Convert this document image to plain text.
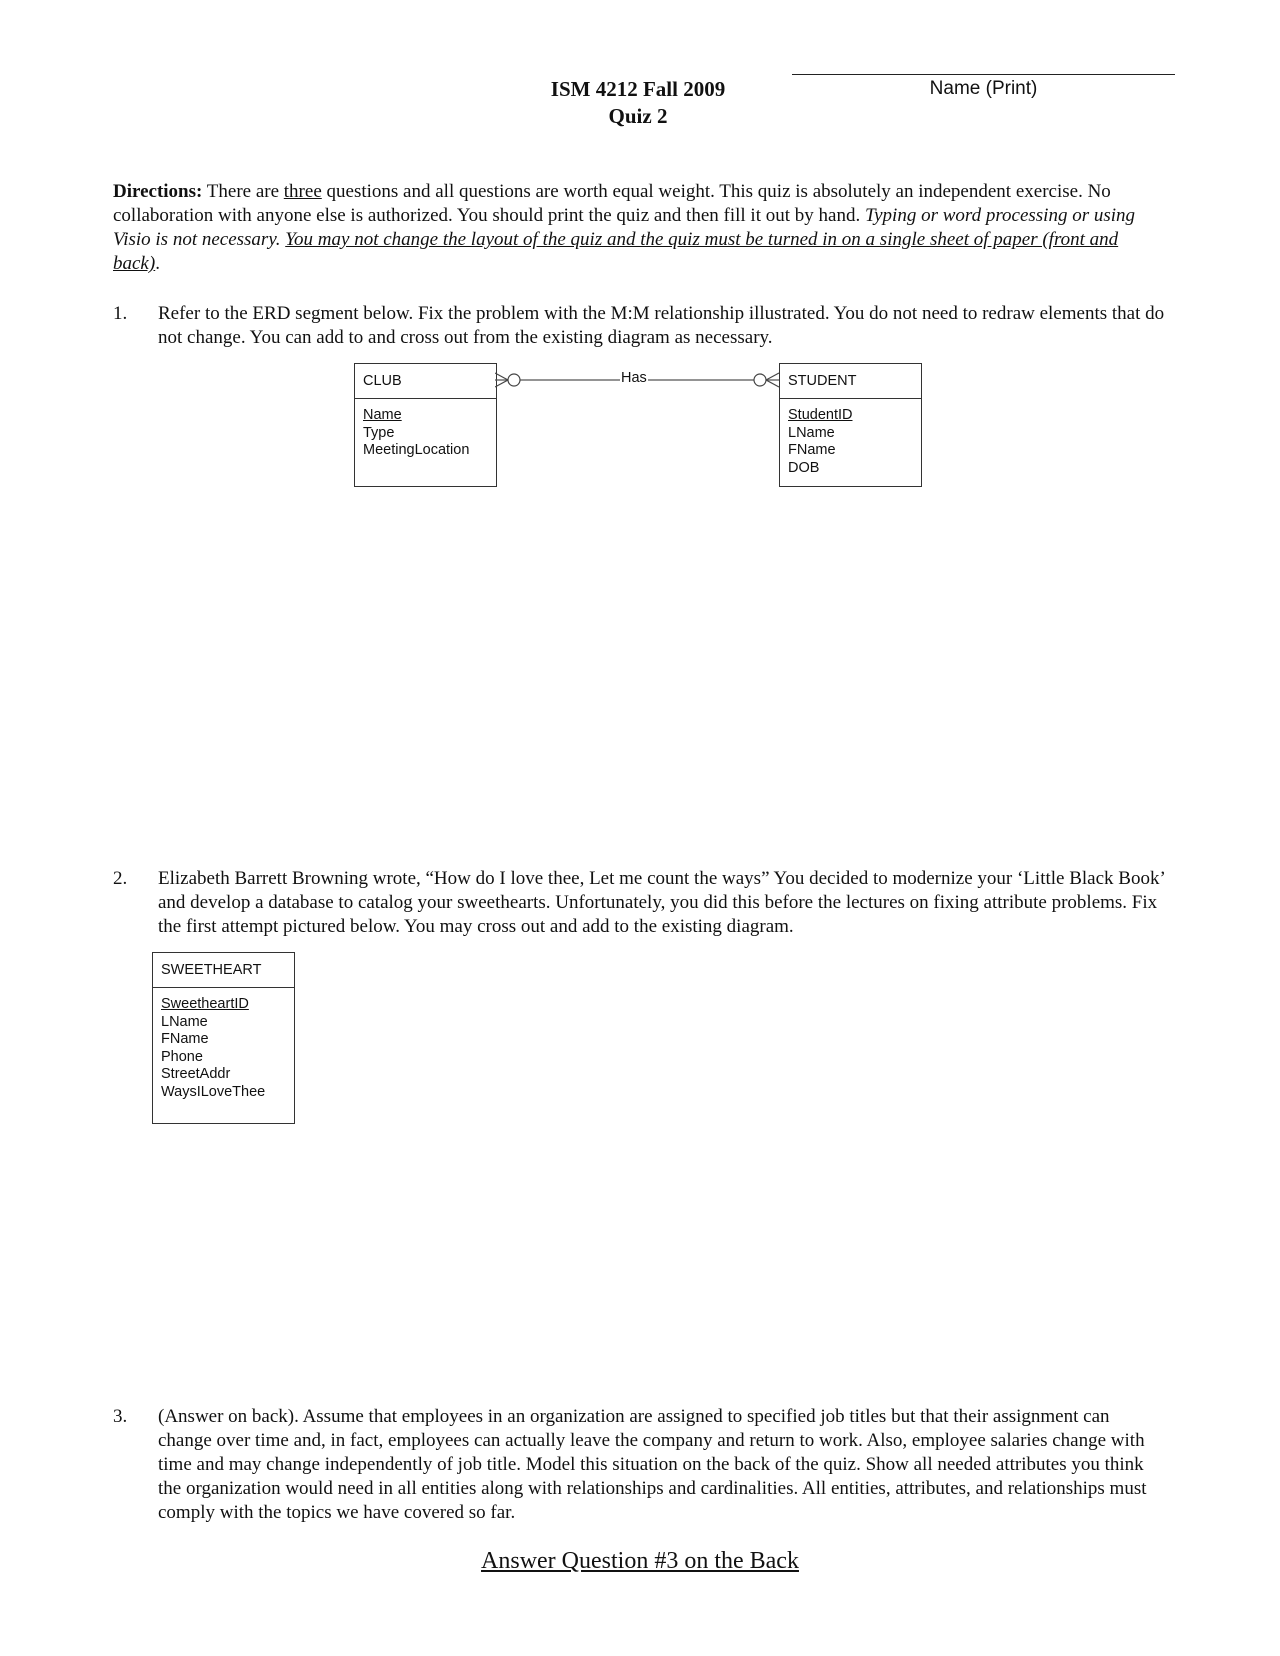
ISM 4212 Fall 2009
Quiz 2
Name (Print)
Directions: There are three questions and all questions are worth equal weight. This quiz is absolutely an independent exercise. No collaboration with anyone else is authorized. You should print the quiz and then fill it out by hand. Typing or word processing or using Visio is not necessary. You may not change the layout of the quiz and the quiz must be turned in on a single sheet of paper (front and back).
1. Refer to the ERD segment below. Fix the problem with the M:M relationship illustrated. You do not need to redraw elements that do not change. You can add to and cross out from the existing diagram as necessary.
CLUB
Name
Type
MeetingLocation
Has	STUDENT
StudentID
LName
FName
DOB
2. Elizabeth Barrett Browning wrote, “How do I love thee, Let me count the ways” You decided to modernize your ‘Little Black Book’ and develop a database to catalog your sweethearts. Unfortunately, you did this before the lectures on fixing attribute problems. Fix the first attempt pictured below. You may cross out and add to the existing diagram.
SWEETHEART
SweetheartID
LName
FName
Phone
StreetAddr
WaysILoveThee
3. (Answer on back). Assume that employees in an organization are assigned to specified job titles but that their assignment can change over time and, in fact, employees can actually leave the company and return to work. Also, employee salaries change with time and may change independently of job title. Model this situation on the back of the quiz. Show all needed attributes you think the organization would need in all entities along with relationships and cardinalities. All entities, attributes, and relationships must comply with the topics we have covered so far.
Answer Question #3 on the Back
